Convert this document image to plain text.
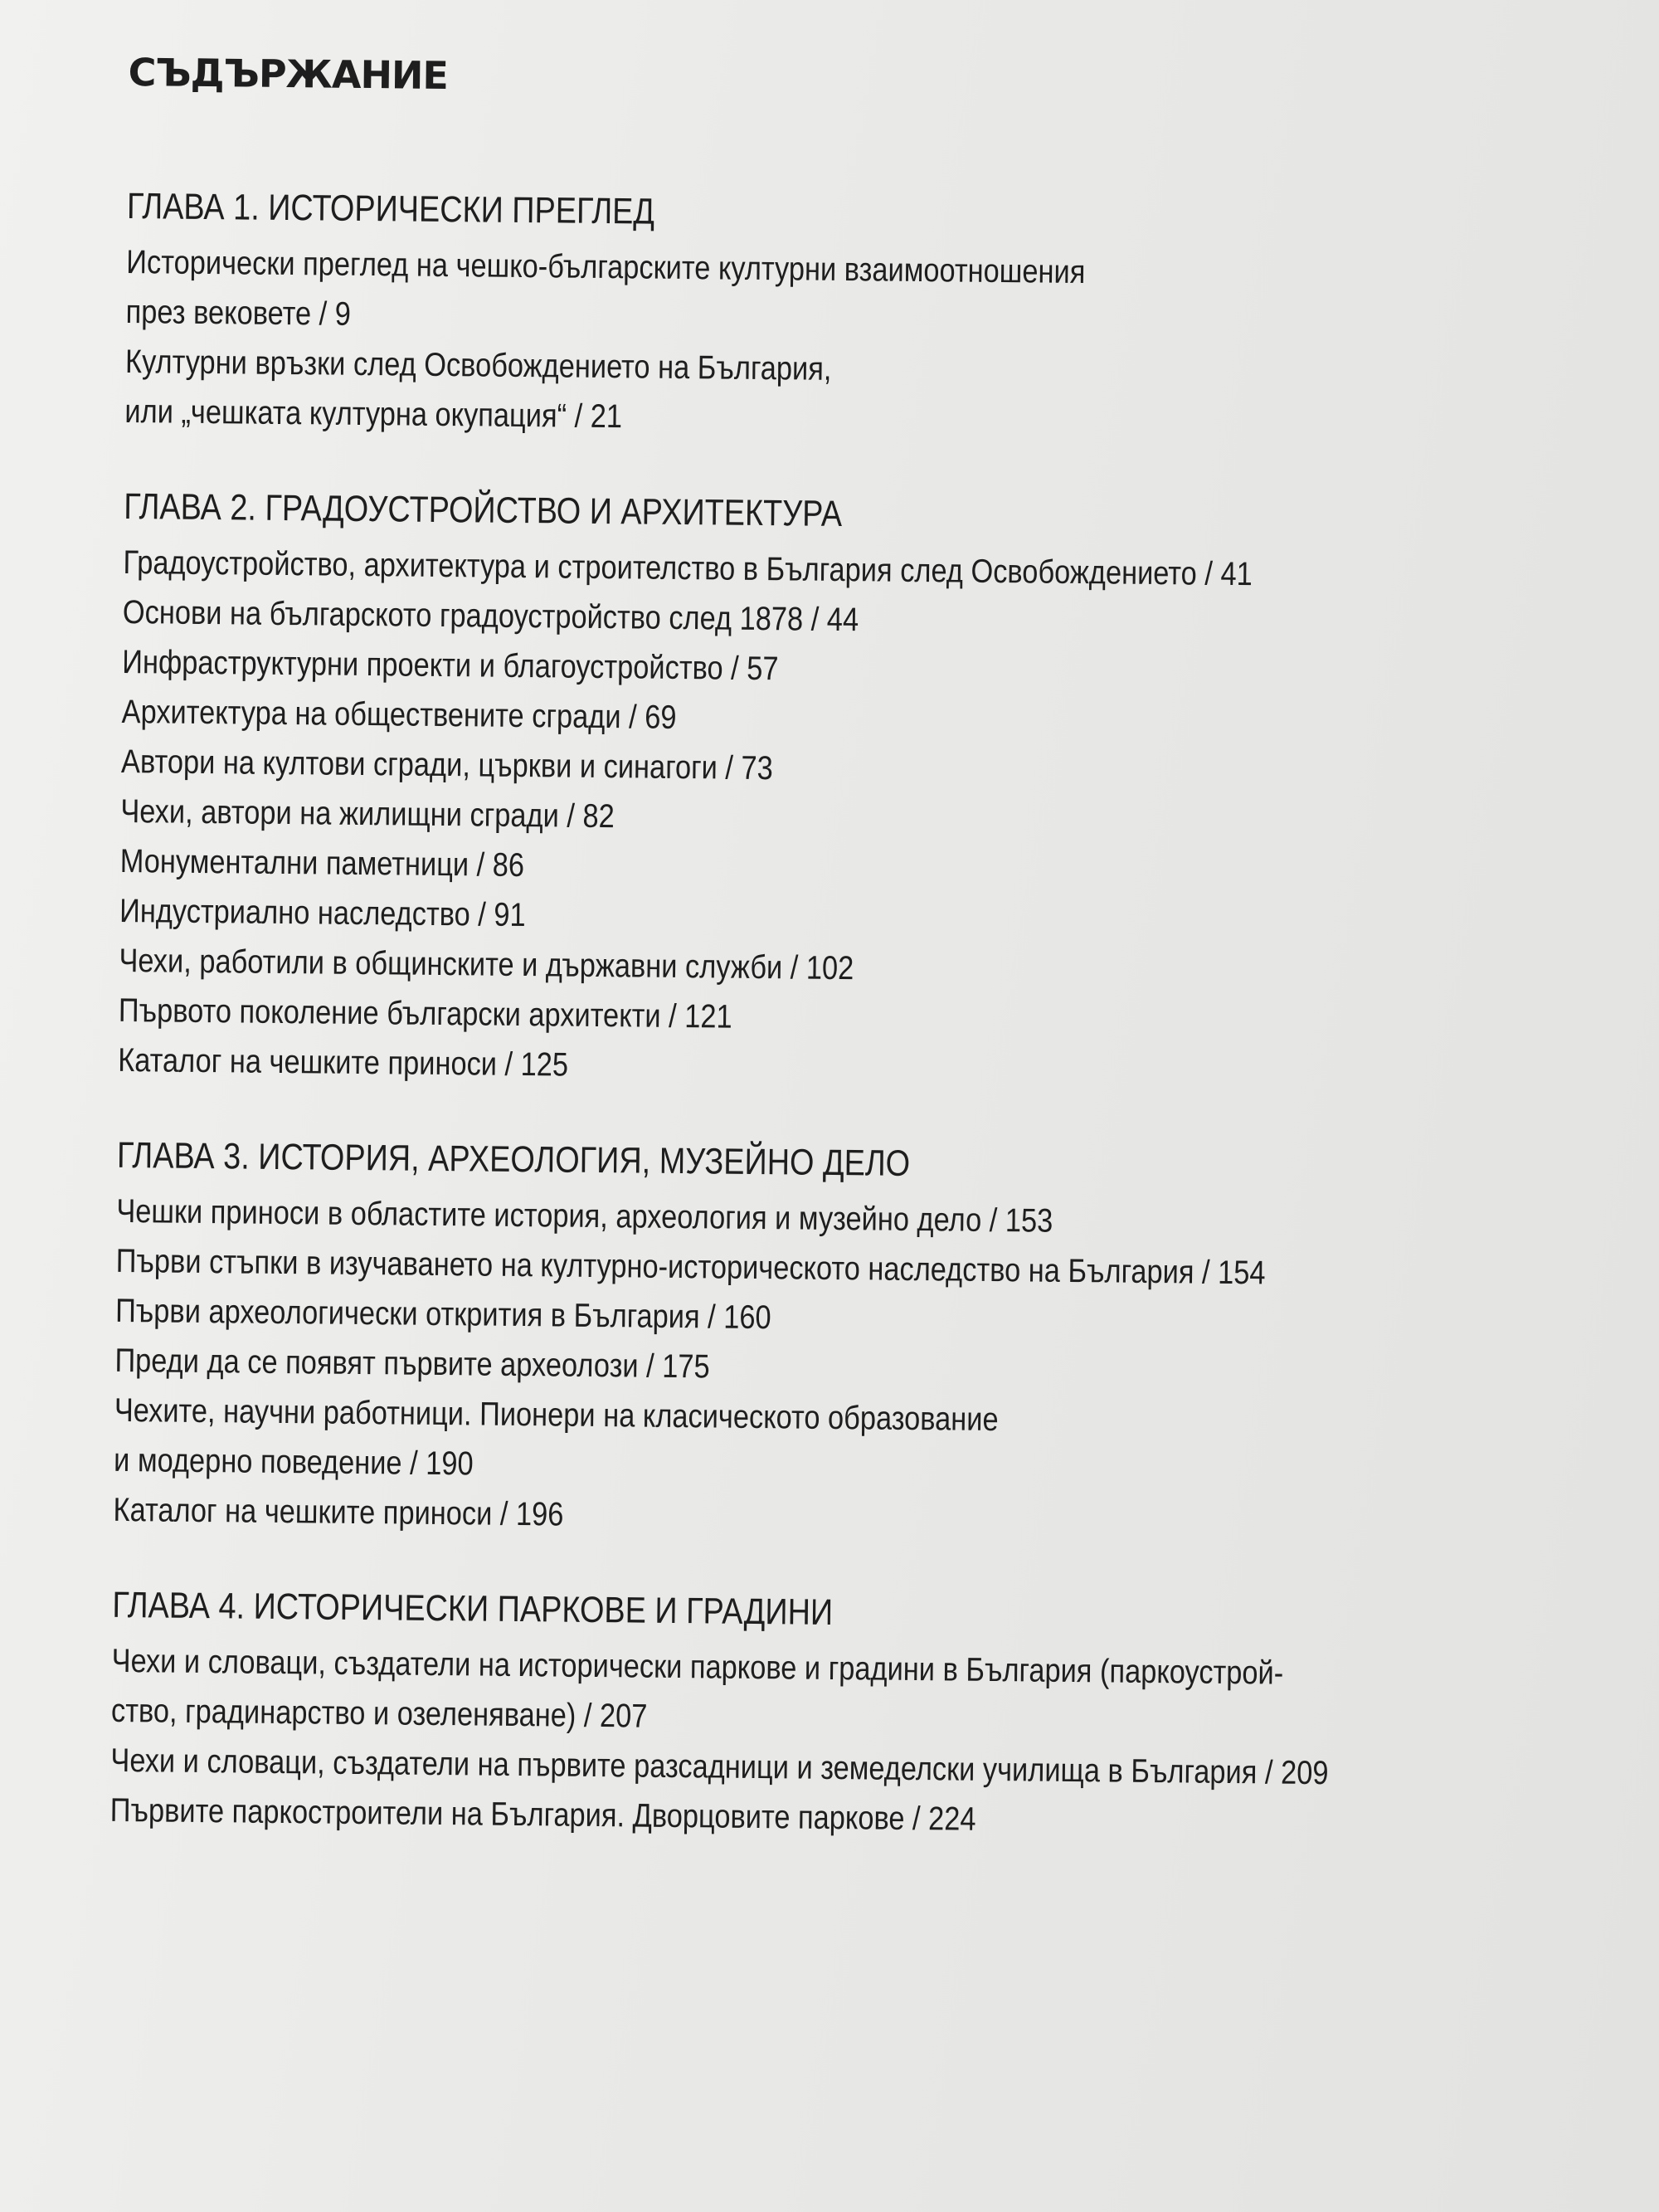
СЪДЪРЖАНИЕ
ГЛАВА 1. ИСТОРИЧЕСКИ ПРЕГЛЕД
Исторически преглед на чешко-българските културни взаимоотношения
през вековете / 9
Културни връзки след Освобождението на България,
или „чешката културна окупация“ / 21
ГЛАВА 2. ГРАДОУСТРОЙСТВО И АРХИТЕКТУРА
Градоустройство, архитектура и строителство в България след Освобождението / 41
Основи на българското градоустройство след 1878 / 44
Инфраструктурни проекти и благоустройство / 57
Архитектура на обществените сгради / 69
Автори на култови сгради, църкви и синагоги / 73
Чехи, автори на жилищни сгради / 82
Монументални паметници / 86
Индустриално наследство / 91
Чехи, работили в общинските и държавни служби / 102
Първото поколение български архитекти / 121
Каталог на чешките приноси / 125
ГЛАВА 3. ИСТОРИЯ, АРХЕОЛОГИЯ, МУЗЕЙНО ДЕЛО
Чешки приноси в областите история, археология и музейно дело / 153
Първи стъпки в изучаването на културно-историческото наследство на България / 154
Първи археологически открития в България / 160
Преди да се появят първите археолози / 175
Чехите, научни работници. Пионери на класическото образование
и модерно поведение / 190
Каталог на чешките приноси / 196
ГЛАВА 4. ИСТОРИЧЕСКИ ПАРКОВЕ И ГРАДИНИ
Чехи и словаци, създатели на исторически паркове и градини в България (паркоустрой-
ство, градинарство и озеленяване) / 207
Чехи и словаци, създатели на първите разсадници и земеделски училища в България / 209
Първите паркостроители на България. Дворцовите паркове / 224
